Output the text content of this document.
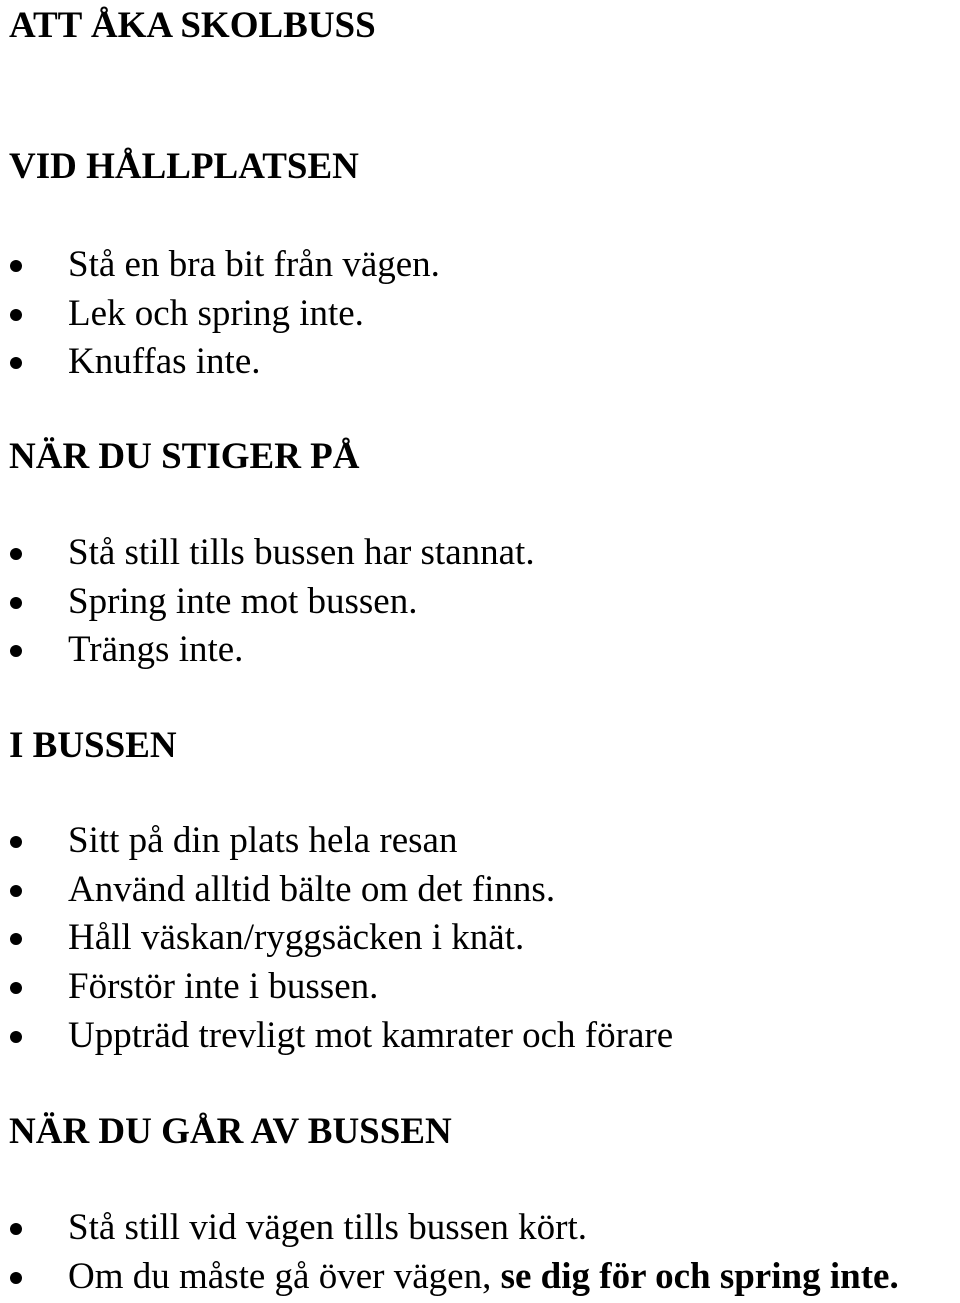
ATT ÅKA SKOLBUSS
VID HÅLLPLATSEN
Stå en bra bit från vägen.
Lek och spring inte.
Knuffas inte.
NÄR DU STIGER PÅ
Stå still tills bussen har stannat.
Spring inte mot bussen.
Trängs inte.
I BUSSEN
Sitt på din plats hela resan
Använd alltid bälte om det finns.
Håll väskan/ryggsäcken i knät.
Förstör inte i bussen.
Uppträd trevligt mot kamrater och förare
NÄR DU GÅR AV BUSSEN
Stå still vid vägen tills bussen kört.
Om du måste gå över vägen, se dig för och spring inte.
